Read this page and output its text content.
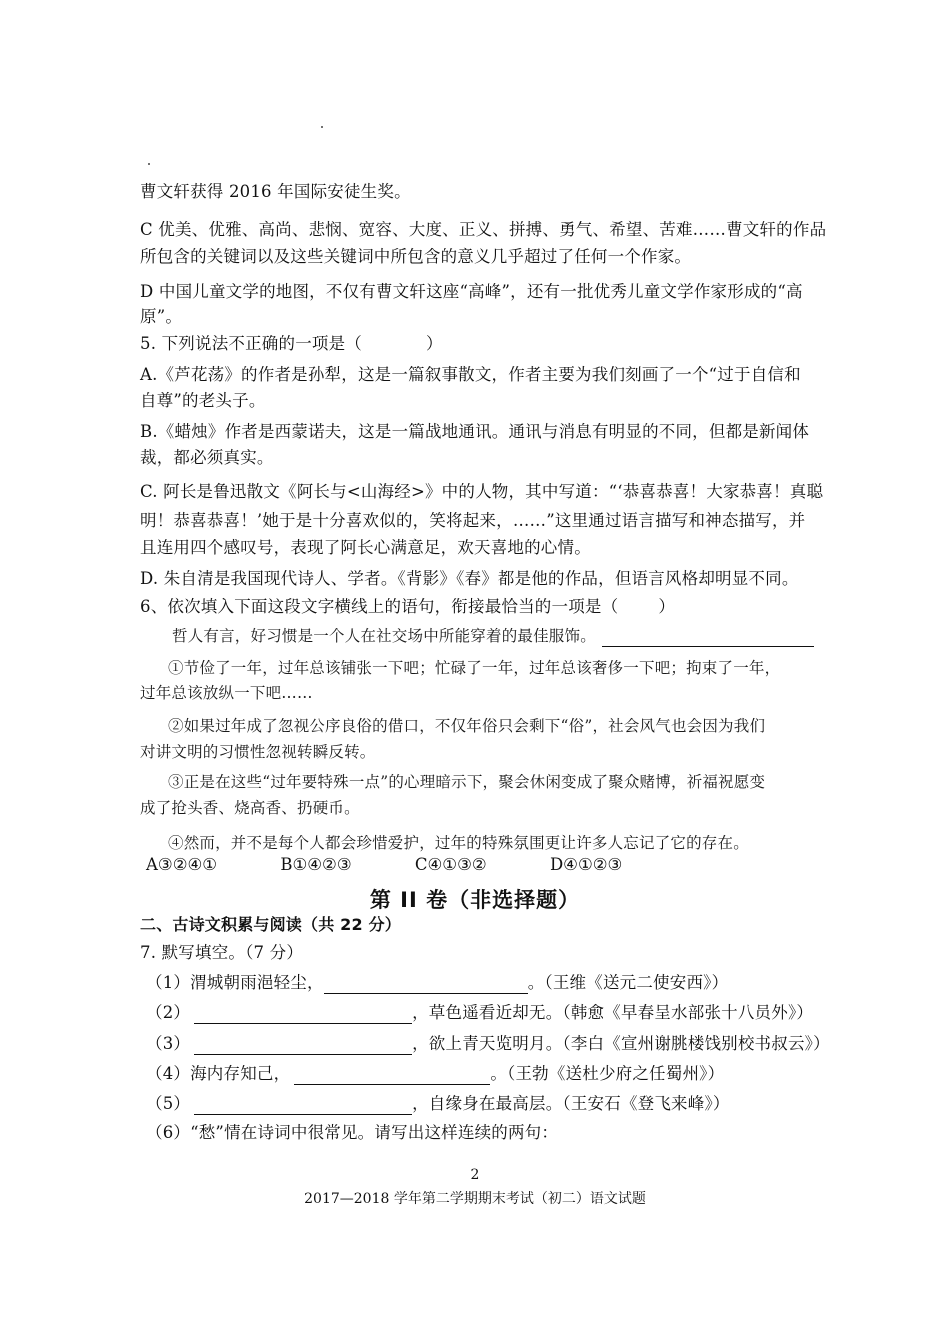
曹文轩获得 2016 年国际安徒生奖。
C 优美、优雅、高尚、悲悯、宽容、大度、正义、拼搏、勇气、希望、苦难……曹文轩的作品
所包含的关键词以及这些关键词中所包含的意义几乎超过了任何一个作家。
D 中国儿童文学的地图，不仅有曹文轩这座“高峰”，还有一批优秀儿童文学作家形成的“高
原”。
5. 下列说法不正确的一项是（	）
A.《芦花荡》的作者是孙犁，这是一篇叙事散文，作者主要为我们刻画了一个“过于自信和
自尊”的老头子。
B.《蜡烛》作者是西蒙诺夫，这是一篇战地通讯。通讯与消息有明显的不同，但都是新闻体
裁，都必须真实。
C. 阿长是鲁迅散文《阿长与<山海经>》中的人物，其中写道：“‘恭喜恭喜！大家恭喜！真聪
明！恭喜恭喜！’她于是十分喜欢似的，笑将起来，……”这里通过语言描写和神态描写，并
且连用四个感叹号，表现了阿长心满意足，欢天喜地的心情。
D. 朱自清是我国现代诗人、学者。《背影》《春》都是他的作品，但语言风格却明显不同。
6、依次填入下面这段文字横线上的语句，衔接最恰当的一项是（ ）
哲人有言，好习惯是一个人在社交场中所能穿着的最佳服饰。
①节俭了一年，过年总该铺张一下吧；忙碌了一年，过年总该奢侈一下吧；拘束了一年，
过年总该放纵一下吧……
②如果过年成了忽视公序良俗的借口，不仅年俗只会剩下“俗”，社会风气也会因为我们
对讲文明的习惯性忽视转瞬反转。
③正是在这些“过年要特殊一点”的心理暗示下，聚会休闲变成了聚众赌博，祈福祝愿变
成了抢头香、烧高香、扔硬币。
④然而，并不是每个人都会珍惜爱护，过年的特殊氛围更让许多人忘记了它的存在。
A③②④①	B①④②③	C④①③②	D④①②③
第 II 卷（非选择题）
二、古诗文积累与阅读（共 22 分）
7. 默写填空。（7 分）
（1）渭城朝雨浥轻尘，	。（王维《送元二使安西》）
（2）	，草色遥看近却无。（韩愈《早春呈水部张十八员外》）
（3）	，欲上青天览明月。（李白《宣州谢朓楼饯别校书叔云》）
（4）海内存知己，	。（王勃《送杜少府之任蜀州》）
（5）	，自缘身在最高层。（王安石《登飞来峰》）
（6）“愁”情在诗词中很常见。请写出这样连续的两句：
2
2017—2018 学年第二学期期末考试（初二）语文试题
